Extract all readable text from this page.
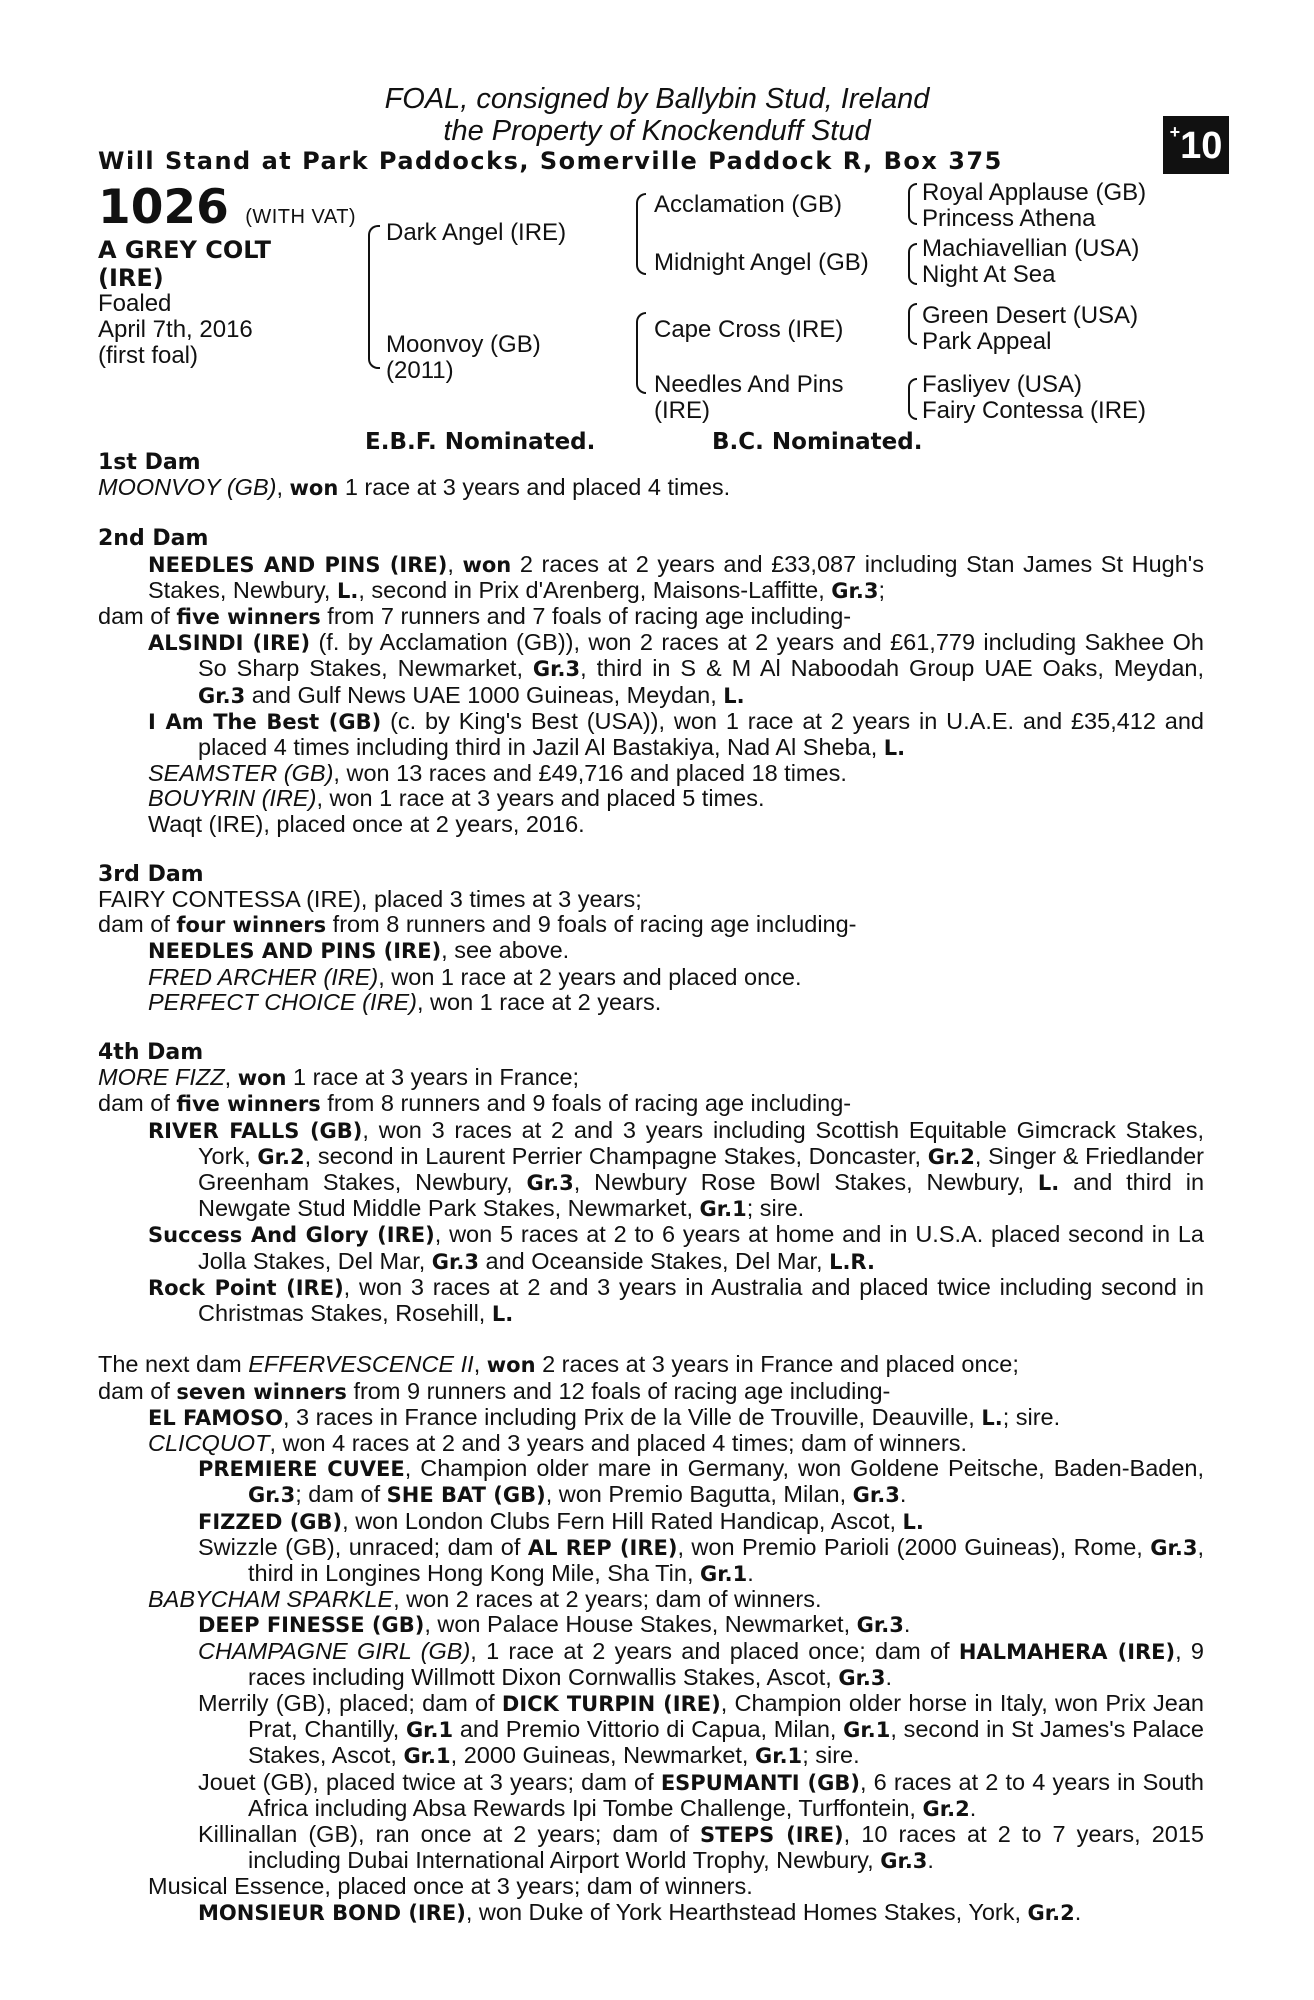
FOAL, consigned by Ballybin Stud, Ireland
the Property of Knockenduff Stud
Will Stand at Park Paddocks, Somerville Paddock R, Box 375
+10
1026 (WITH VAT)
A GREY COLT
(IRE)
Foaled
April 7th, 2016
(first foal)
Dark Angel (IRE)
Moonvoy (GB)
(2011)
Acclamation (GB)
Midnight Angel (GB)
Cape Cross (IRE)
Needles And Pins
(IRE)
Royal Applause (GB)
Princess Athena
Machiavellian (USA)
Night At Sea
Green Desert (USA)
Park Appeal
Fasliyev (USA)
Fairy Contessa (IRE)
E.B.F. Nominated.	B.C. Nominated.

1st Dam

MOONVOY (GB), won 1 race at 3 years and placed 4 times.

2nd Dam

NEEDLES AND PINS (IRE), won 2 races at 2 years and £33,087 including Stan James St Hugh's Stakes, Newbury, L., second in Prix d'Arenberg, Maisons-Laffitte, Gr.3;

dam of five winners from 7 runners and 7 foals of racing age including-

ALSINDI (IRE) (f. by Acclamation (GB)), won 2 races at 2 years and £61,779 including Sakhee Oh So Sharp Stakes, Newmarket, Gr.3, third in S & M Al Naboodah Group UAE Oaks, Meydan, Gr.3 and Gulf News UAE 1000 Guineas, Meydan, L.

I Am The Best (GB) (c. by King's Best (USA)), won 1 race at 2 years in U.A.E. and £35,412 and placed 4 times including third in Jazil Al Bastakiya, Nad Al Sheba, L.

SEAMSTER (GB), won 13 races and £49,716 and placed 18 times.

BOUYRIN (IRE), won 1 race at 3 years and placed 5 times.

Waqt (IRE), placed once at 2 years, 2016.

3rd Dam

FAIRY CONTESSA (IRE), placed 3 times at 3 years;

dam of four winners from 8 runners and 9 foals of racing age including-

NEEDLES AND PINS (IRE), see above.

FRED ARCHER (IRE), won 1 race at 2 years and placed once.

PERFECT CHOICE (IRE), won 1 race at 2 years.

4th Dam

MORE FIZZ, won 1 race at 3 years in France;

dam of five winners from 8 runners and 9 foals of racing age including-

RIVER FALLS (GB), won 3 races at 2 and 3 years including Scottish Equitable Gimcrack Stakes, York, Gr.2, second in Laurent Perrier Champagne Stakes, Doncaster, Gr.2, Singer & Friedlander Greenham Stakes, Newbury, Gr.3, Newbury Rose Bowl Stakes, Newbury, L. and third in Newgate Stud Middle Park Stakes, Newmarket, Gr.1; sire.

Success And Glory (IRE), won 5 races at 2 to 6 years at home and in U.S.A. placed second in La Jolla Stakes, Del Mar, Gr.3 and Oceanside Stakes, Del Mar, L.R.

Rock Point (IRE), won 3 races at 2 and 3 years in Australia and placed twice including second in Christmas Stakes, Rosehill, L.

The next dam EFFERVESCENCE II, won 2 races at 3 years in France and placed once;

dam of seven winners from 9 runners and 12 foals of racing age including-

EL FAMOSO, 3 races in France including Prix de la Ville de Trouville, Deauville, L.; sire.

CLICQUOT, won 4 races at 2 and 3 years and placed 4 times; dam of winners.

PREMIERE CUVEE, Champion older mare in Germany, won Goldene Peitsche, Baden-Baden, Gr.3; dam of SHE BAT (GB), won Premio Bagutta, Milan, Gr.3.

FIZZED (GB), won London Clubs Fern Hill Rated Handicap, Ascot, L.

Swizzle (GB), unraced; dam of AL REP (IRE), won Premio Parioli (2000 Guineas), Rome, Gr.3, third in Longines Hong Kong Mile, Sha Tin, Gr.1.

BABYCHAM SPARKLE, won 2 races at 2 years; dam of winners.

DEEP FINESSE (GB), won Palace House Stakes, Newmarket, Gr.3.

CHAMPAGNE GIRL (GB), 1 race at 2 years and placed once; dam of HALMAHERA (IRE), 9 races including Willmott Dixon Cornwallis Stakes, Ascot, Gr.3.

Merrily (GB), placed; dam of DICK TURPIN (IRE), Champion older horse in Italy, won Prix Jean Prat, Chantilly, Gr.1 and Premio Vittorio di Capua, Milan, Gr.1, second in St James's Palace Stakes, Ascot, Gr.1, 2000 Guineas, Newmarket, Gr.1; sire.

Jouet (GB), placed twice at 3 years; dam of ESPUMANTI (GB), 6 races at 2 to 4 years in South Africa including Absa Rewards Ipi Tombe Challenge, Turffontein, Gr.2.

Killinallan (GB), ran once at 2 years; dam of STEPS (IRE), 10 races at 2 to 7 years, 2015 including Dubai International Airport World Trophy, Newbury, Gr.3.

Musical Essence, placed once at 3 years; dam of winners.

MONSIEUR BOND (IRE), won Duke of York Hearthstead Homes Stakes, York, Gr.2.
